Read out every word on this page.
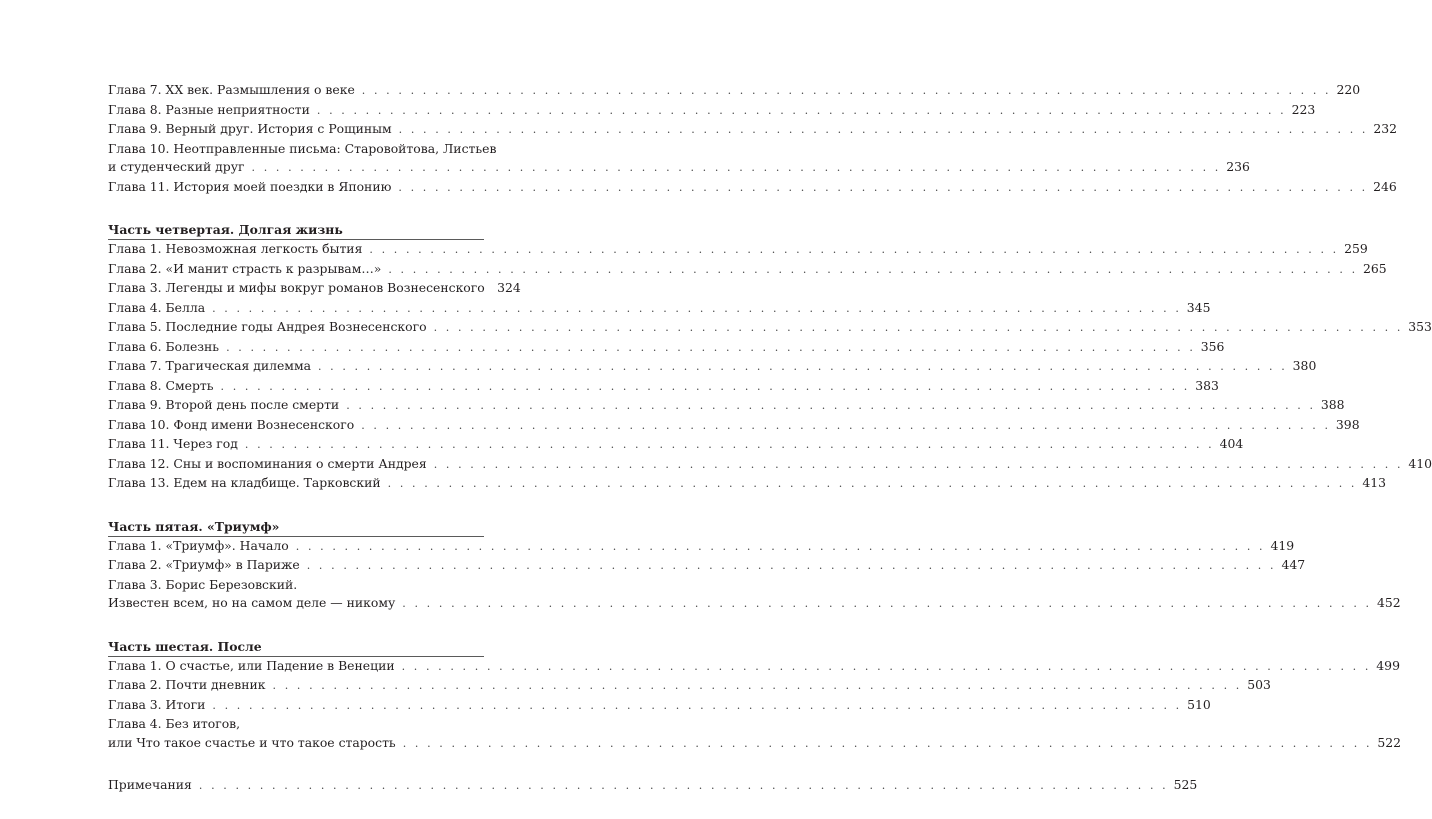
Глава 7. XX век. Размышления о веке . . . . . . . . . . . . . . . . . . . . . . . . . . . . . . . . . . . . . . . . . . . . . . . . . . . . . . . . . . . . . . . . . . . . . . . . . . . . . . . . 220
Глава 8. Разные неприятности . . . . . . . . . . . . . . . . . . . . . . . . . . . . . . . . . . . . . . . . . . . . . . . . . . . . . . . . . . . . . . . . . . . . . . . . . . . . . . . . 223
Глава 9. Верный друг. История с Рощиным . . . . . . . . . . . . . . . . . . . . . . . . . . . . . . . . . . . . . . . . . . . . . . . . . . . . . . . . . . . . . . . . . . . . . . . . . . . . . . . . 232
Глава 10. Неотправленные письма: Старовойтова, Листьев
и студенческий друг . . . . . . . . . . . . . . . . . . . . . . . . . . . . . . . . . . . . . . . . . . . . . . . . . . . . . . . . . . . . . . . . . . . . . . . . . . . . . . . . 236
Глава 11. История моей поездки в Японию . . . . . . . . . . . . . . . . . . . . . . . . . . . . . . . . . . . . . . . . . . . . . . . . . . . . . . . . . . . . . . . . . . . . . . . . . . . . . . . . 246
Часть четвертая. Долгая жизнь
Глава 1. Невозможная легкость бытия . . . . . . . . . . . . . . . . . . . . . . . . . . . . . . . . . . . . . . . . . . . . . . . . . . . . . . . . . . . . . . . . . . . . . . . . . . . . . . . . 259
Глава 2. «И манит страсть к разрывам…» . . . . . . . . . . . . . . . . . . . . . . . . . . . . . . . . . . . . . . . . . . . . . . . . . . . . . . . . . . . . . . . . . . . . . . . . . . . . . . . . 265
Глава 3. Легенды и мифы вокруг романов Вознесенского 324
Глава 4. Белла . . . . . . . . . . . . . . . . . . . . . . . . . . . . . . . . . . . . . . . . . . . . . . . . . . . . . . . . . . . . . . . . . . . . . . . . . . . . . . . . 345
Глава 5. Последние годы Андрея Вознесенского . . . . . . . . . . . . . . . . . . . . . . . . . . . . . . . . . . . . . . . . . . . . . . . . . . . . . . . . . . . . . . . . . . . . . . . . . . . . . . . . 353
Глава 6. Болезнь . . . . . . . . . . . . . . . . . . . . . . . . . . . . . . . . . . . . . . . . . . . . . . . . . . . . . . . . . . . . . . . . . . . . . . . . . . . . . . . . 356
Глава 7. Трагическая дилемма . . . . . . . . . . . . . . . . . . . . . . . . . . . . . . . . . . . . . . . . . . . . . . . . . . . . . . . . . . . . . . . . . . . . . . . . . . . . . . . . 380
Глава 8. Смерть . . . . . . . . . . . . . . . . . . . . . . . . . . . . . . . . . . . . . . . . . . . . . . . . . . . . . . . . . . . . . . . . . . . . . . . . . . . . . . . . 383
Глава 9. Второй день после смерти . . . . . . . . . . . . . . . . . . . . . . . . . . . . . . . . . . . . . . . . . . . . . . . . . . . . . . . . . . . . . . . . . . . . . . . . . . . . . . . . 388
Глава 10. Фонд имени Вознесенского . . . . . . . . . . . . . . . . . . . . . . . . . . . . . . . . . . . . . . . . . . . . . . . . . . . . . . . . . . . . . . . . . . . . . . . . . . . . . . . . 398
Глава 11. Через год . . . . . . . . . . . . . . . . . . . . . . . . . . . . . . . . . . . . . . . . . . . . . . . . . . . . . . . . . . . . . . . . . . . . . . . . . . . . . . . . 404
Глава 12. Сны и воспоминания о смерти Андрея . . . . . . . . . . . . . . . . . . . . . . . . . . . . . . . . . . . . . . . . . . . . . . . . . . . . . . . . . . . . . . . . . . . . . . . . . . . . . . . . 410
Глава 13. Едем на кладбище. Тарковский . . . . . . . . . . . . . . . . . . . . . . . . . . . . . . . . . . . . . . . . . . . . . . . . . . . . . . . . . . . . . . . . . . . . . . . . . . . . . . . . 413
Часть пятая. «Триумф»
Глава 1. «Триумф». Начало . . . . . . . . . . . . . . . . . . . . . . . . . . . . . . . . . . . . . . . . . . . . . . . . . . . . . . . . . . . . . . . . . . . . . . . . . . . . . . . . 419
Глава 2. «Триумф» в Париже . . . . . . . . . . . . . . . . . . . . . . . . . . . . . . . . . . . . . . . . . . . . . . . . . . . . . . . . . . . . . . . . . . . . . . . . . . . . . . . . 447
Глава 3. Борис Березовский.
Известен всем, но на самом деле — никому . . . . . . . . . . . . . . . . . . . . . . . . . . . . . . . . . . . . . . . . . . . . . . . . . . . . . . . . . . . . . . . . . . . . . . . . . . . . . . . . 452
Часть шестая. После
Глава 1. О счастье, или Падение в Венеции . . . . . . . . . . . . . . . . . . . . . . . . . . . . . . . . . . . . . . . . . . . . . . . . . . . . . . . . . . . . . . . . . . . . . . . . . . . . . . . . 499
Глава 2. Почти дневник . . . . . . . . . . . . . . . . . . . . . . . . . . . . . . . . . . . . . . . . . . . . . . . . . . . . . . . . . . . . . . . . . . . . . . . . . . . . . . . . 503
Глава 3. Итоги . . . . . . . . . . . . . . . . . . . . . . . . . . . . . . . . . . . . . . . . . . . . . . . . . . . . . . . . . . . . . . . . . . . . . . . . . . . . . . . . 510
Глава 4. Без итогов,
или Что такое счастье и что такое старость . . . . . . . . . . . . . . . . . . . . . . . . . . . . . . . . . . . . . . . . . . . . . . . . . . . . . . . . . . . . . . . . . . . . . . . . . . . . . . . . 522
Примечания . . . . . . . . . . . . . . . . . . . . . . . . . . . . . . . . . . . . . . . . . . . . . . . . . . . . . . . . . . . . . . . . . . . . . . . . . . . . . . . . 525
